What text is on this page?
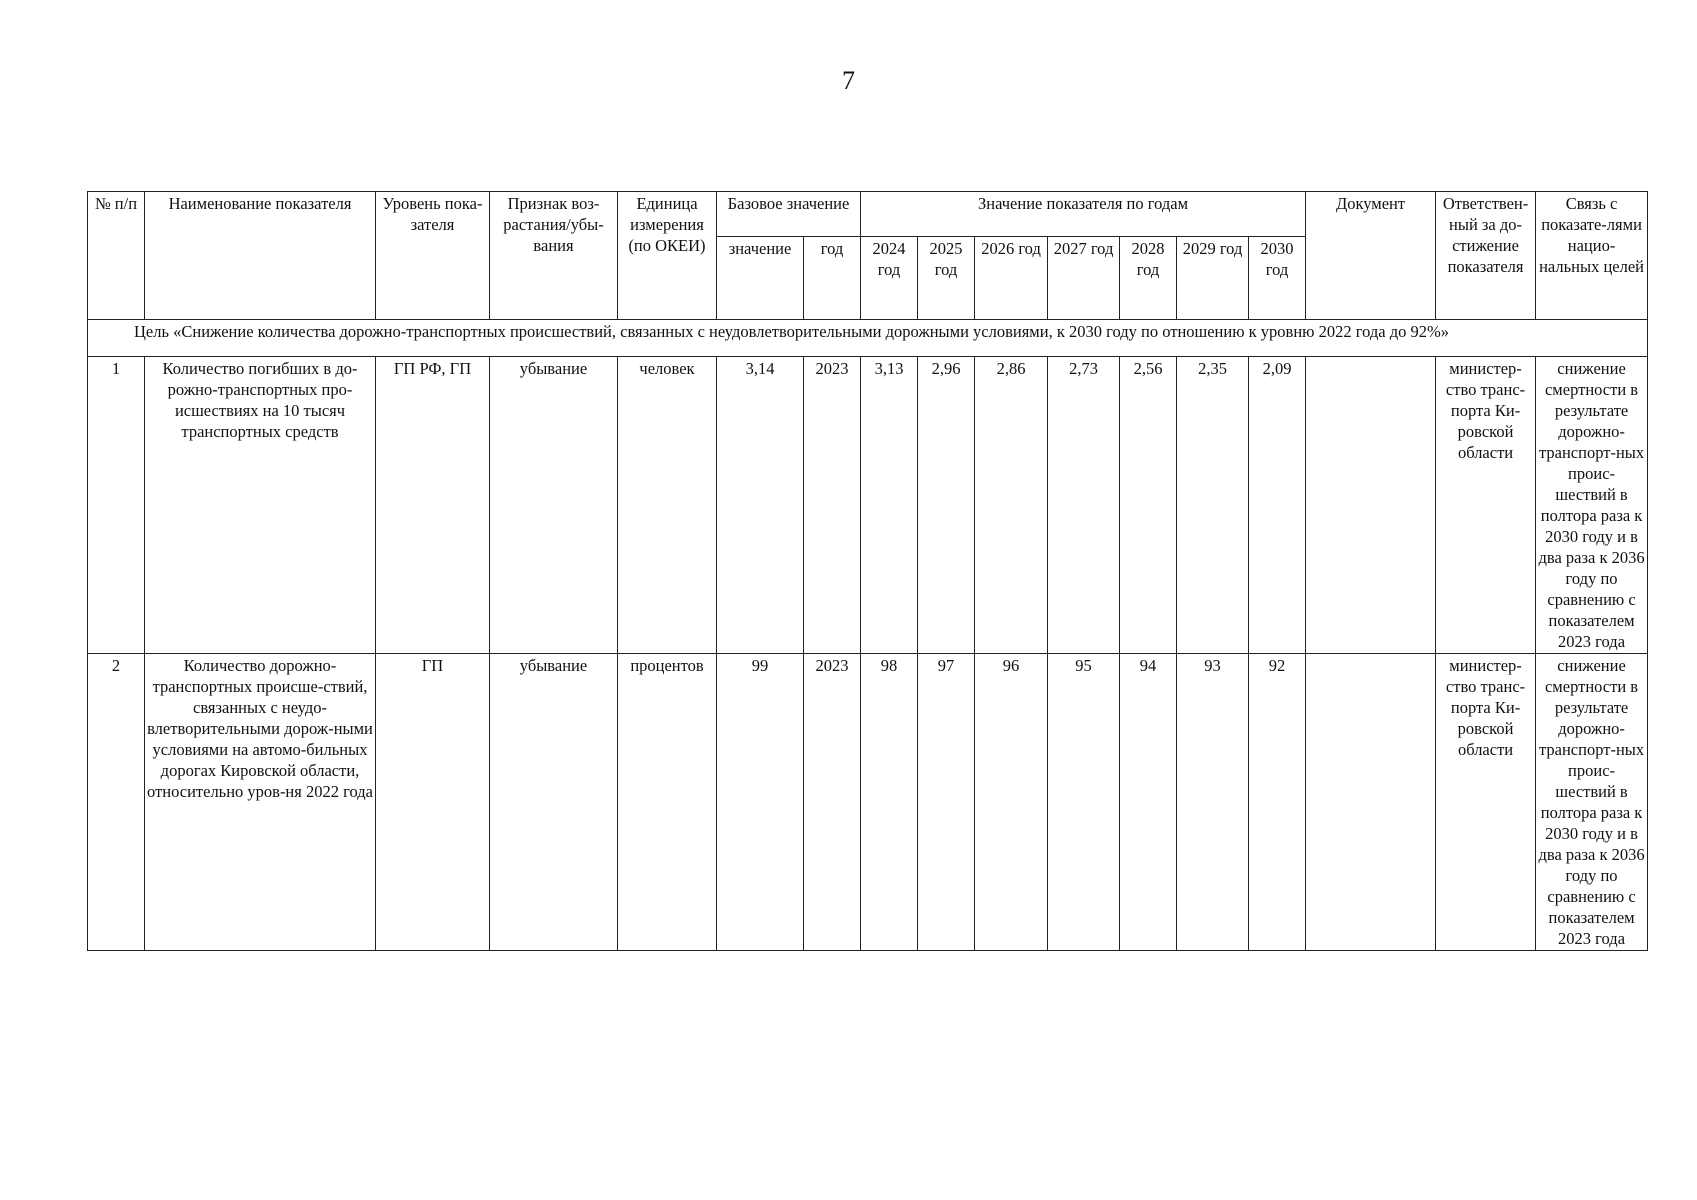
7
№ п/п	Наименование показателя	Уровень пока-зателя	Признак воз-растания/убы-вания	Единица измерения (по ОКЕИ)	Базовое значение		Значение показателя по годам							Документ	Ответствен-ный за до-стижение показателя	Связь с показате-лями нацио-нальных целей
					значение	год	2024 год	2025 год	2026 год	2027 год	2028 год	2029 год	2030 год			
Цель «Снижение количества дорожно-транспортных происшествий, связанных с неудовлетворительными дорожными условиями, к 2030 году по отношению к уровню 2022 года до 92%»																
1	Количество погибших в до-рожно-транспортных про-исшествиях на 10 тысяч транспортных средств	ГП РФ, ГП	убывание	человек	3,14	2023	3,13	2,96	2,86	2,73	2,56	2,35	2,09		министер-ство транс-порта Ки-ровской области	снижение смертности в результате дорожно-транспорт-ных проис-шествий в полтора раза к 2030 году и в два раза к 2036 году по сравнению с показателем 2023 года
2	Количество дорожно-транспортных происше-ствий, связанных с неудо-влетворительными дорож-ными условиями на автомо-бильных дорогах Кировской области, относительно уров-ня 2022 года	ГП	убывание	процентов	99	2023	98	97	96	95	94	93	92		министер-ство транс-порта Ки-ровской области	снижение смертности в результате дорожно-транспорт-ных проис-шествий в полтора раза к 2030 году и в два раза к 2036 году по сравнению с показателем 2023 года
